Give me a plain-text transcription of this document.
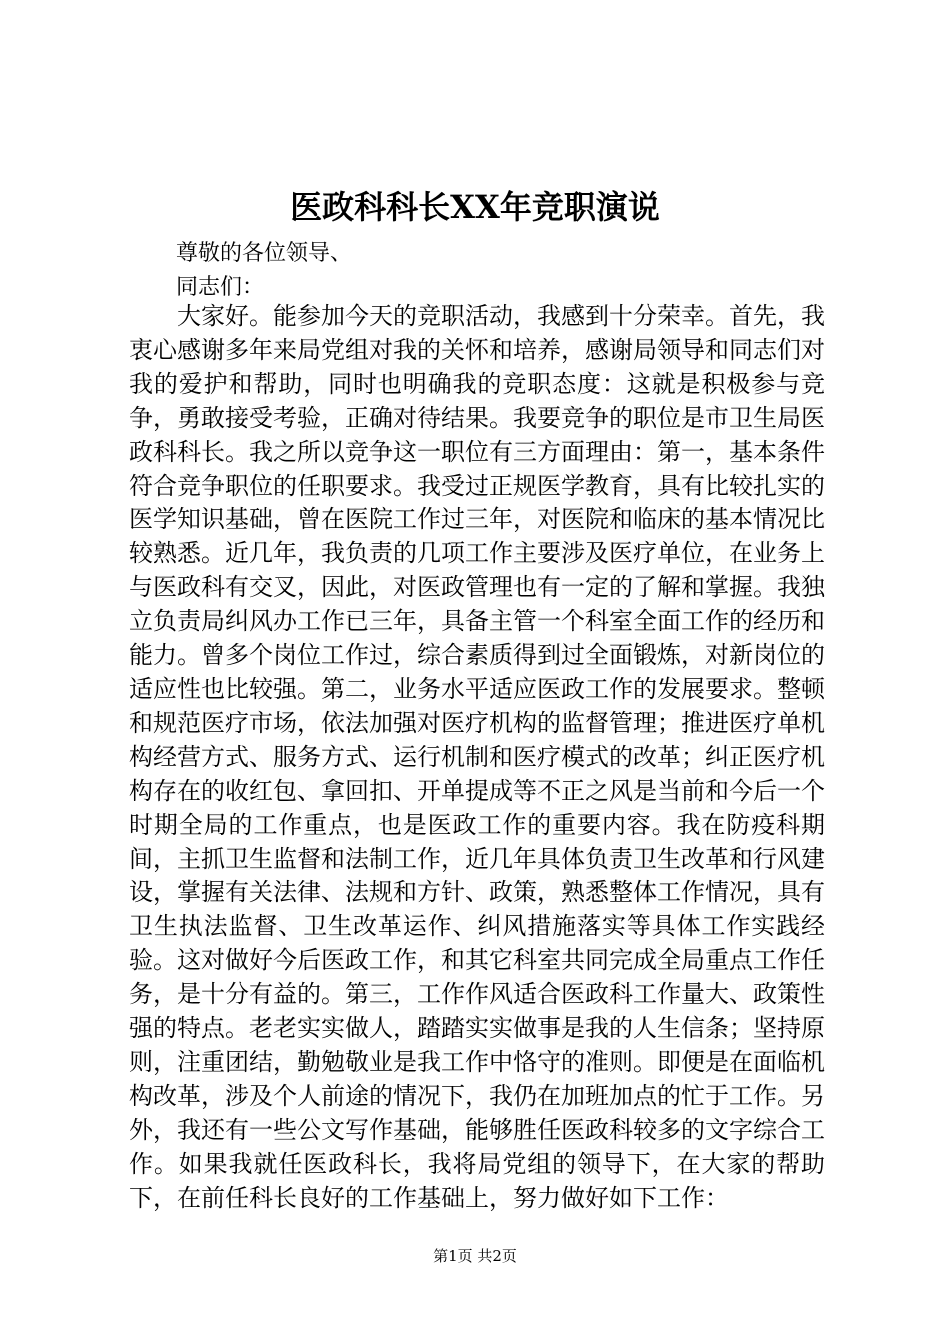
医政科科长XX年竞职演说

尊敬的各位领导、

同志们：

大家好。能参加今天的竞职活动，我感到十分荣幸。首先，我衷心感谢多年来局党组对我的关怀和培养，感谢局领导和同志们对我的爱护和帮助，同时也明确我的竞职态度：这就是积极参与竞争，勇敢接受考验，正确对待结果。我要竞争的职位是市卫生局医政科科长。我之所以竞争这一职位有三方面理由：第一，基本条件符合竞争职位的任职要求。我受过正规医学教育，具有比较扎实的医学知识基础，曾在医院工作过三年，对医院和临床的基本情况比较熟悉。近几年，我负责的几项工作主要涉及医疗单位，在业务上与医政科有交叉，因此，对医政管理也有一定的了解和掌握。我独立负责局纠风办工作已三年，具备主管一个科室全面工作的经历和能力。曾多个岗位工作过，综合素质得到过全面锻炼，对新岗位的适应性也比较强。第二，业务水平适应医政工作的发展要求。整顿和规范医疗市场，依法加强对医疗机构的监督管理；推进医疗单机构经营方式、服务方式、运行机制和医疗模式的改革；纠正医疗机构存在的收红包、拿回扣、开单提成等不正之风是当前和今后一个时期全局的工作重点，也是医政工作的重要内容。我在防疫科期间，主抓卫生监督和法制工作，近几年具体负责卫生改革和行风建设，掌握有关法律、法规和方针、政策，熟悉整体工作情况，具有卫生执法监督、卫生改革运作、纠风措施落实等具体工作实践经验。这对做好今后医政工作，和其它科室共同完成全局重点工作任务，是十分有益的。第三，工作作风适合医政科工作量大、政策性强的特点。老老实实做人，踏踏实实做事是我的人生信条；坚持原则，注重团结，勤勉敬业是我工作中恪守的准则。即便是在面临机构改革，涉及个人前途的情况下，我仍在加班加点的忙于工作。另外，我还有一些公文写作基础，能够胜任医政科较多的文字综合工作。如果我就任医政科长，我将局党组的领导下，在大家的帮助下，在前任科长良好的工作基础上，努力做好如下工作：

第1页 共2页
